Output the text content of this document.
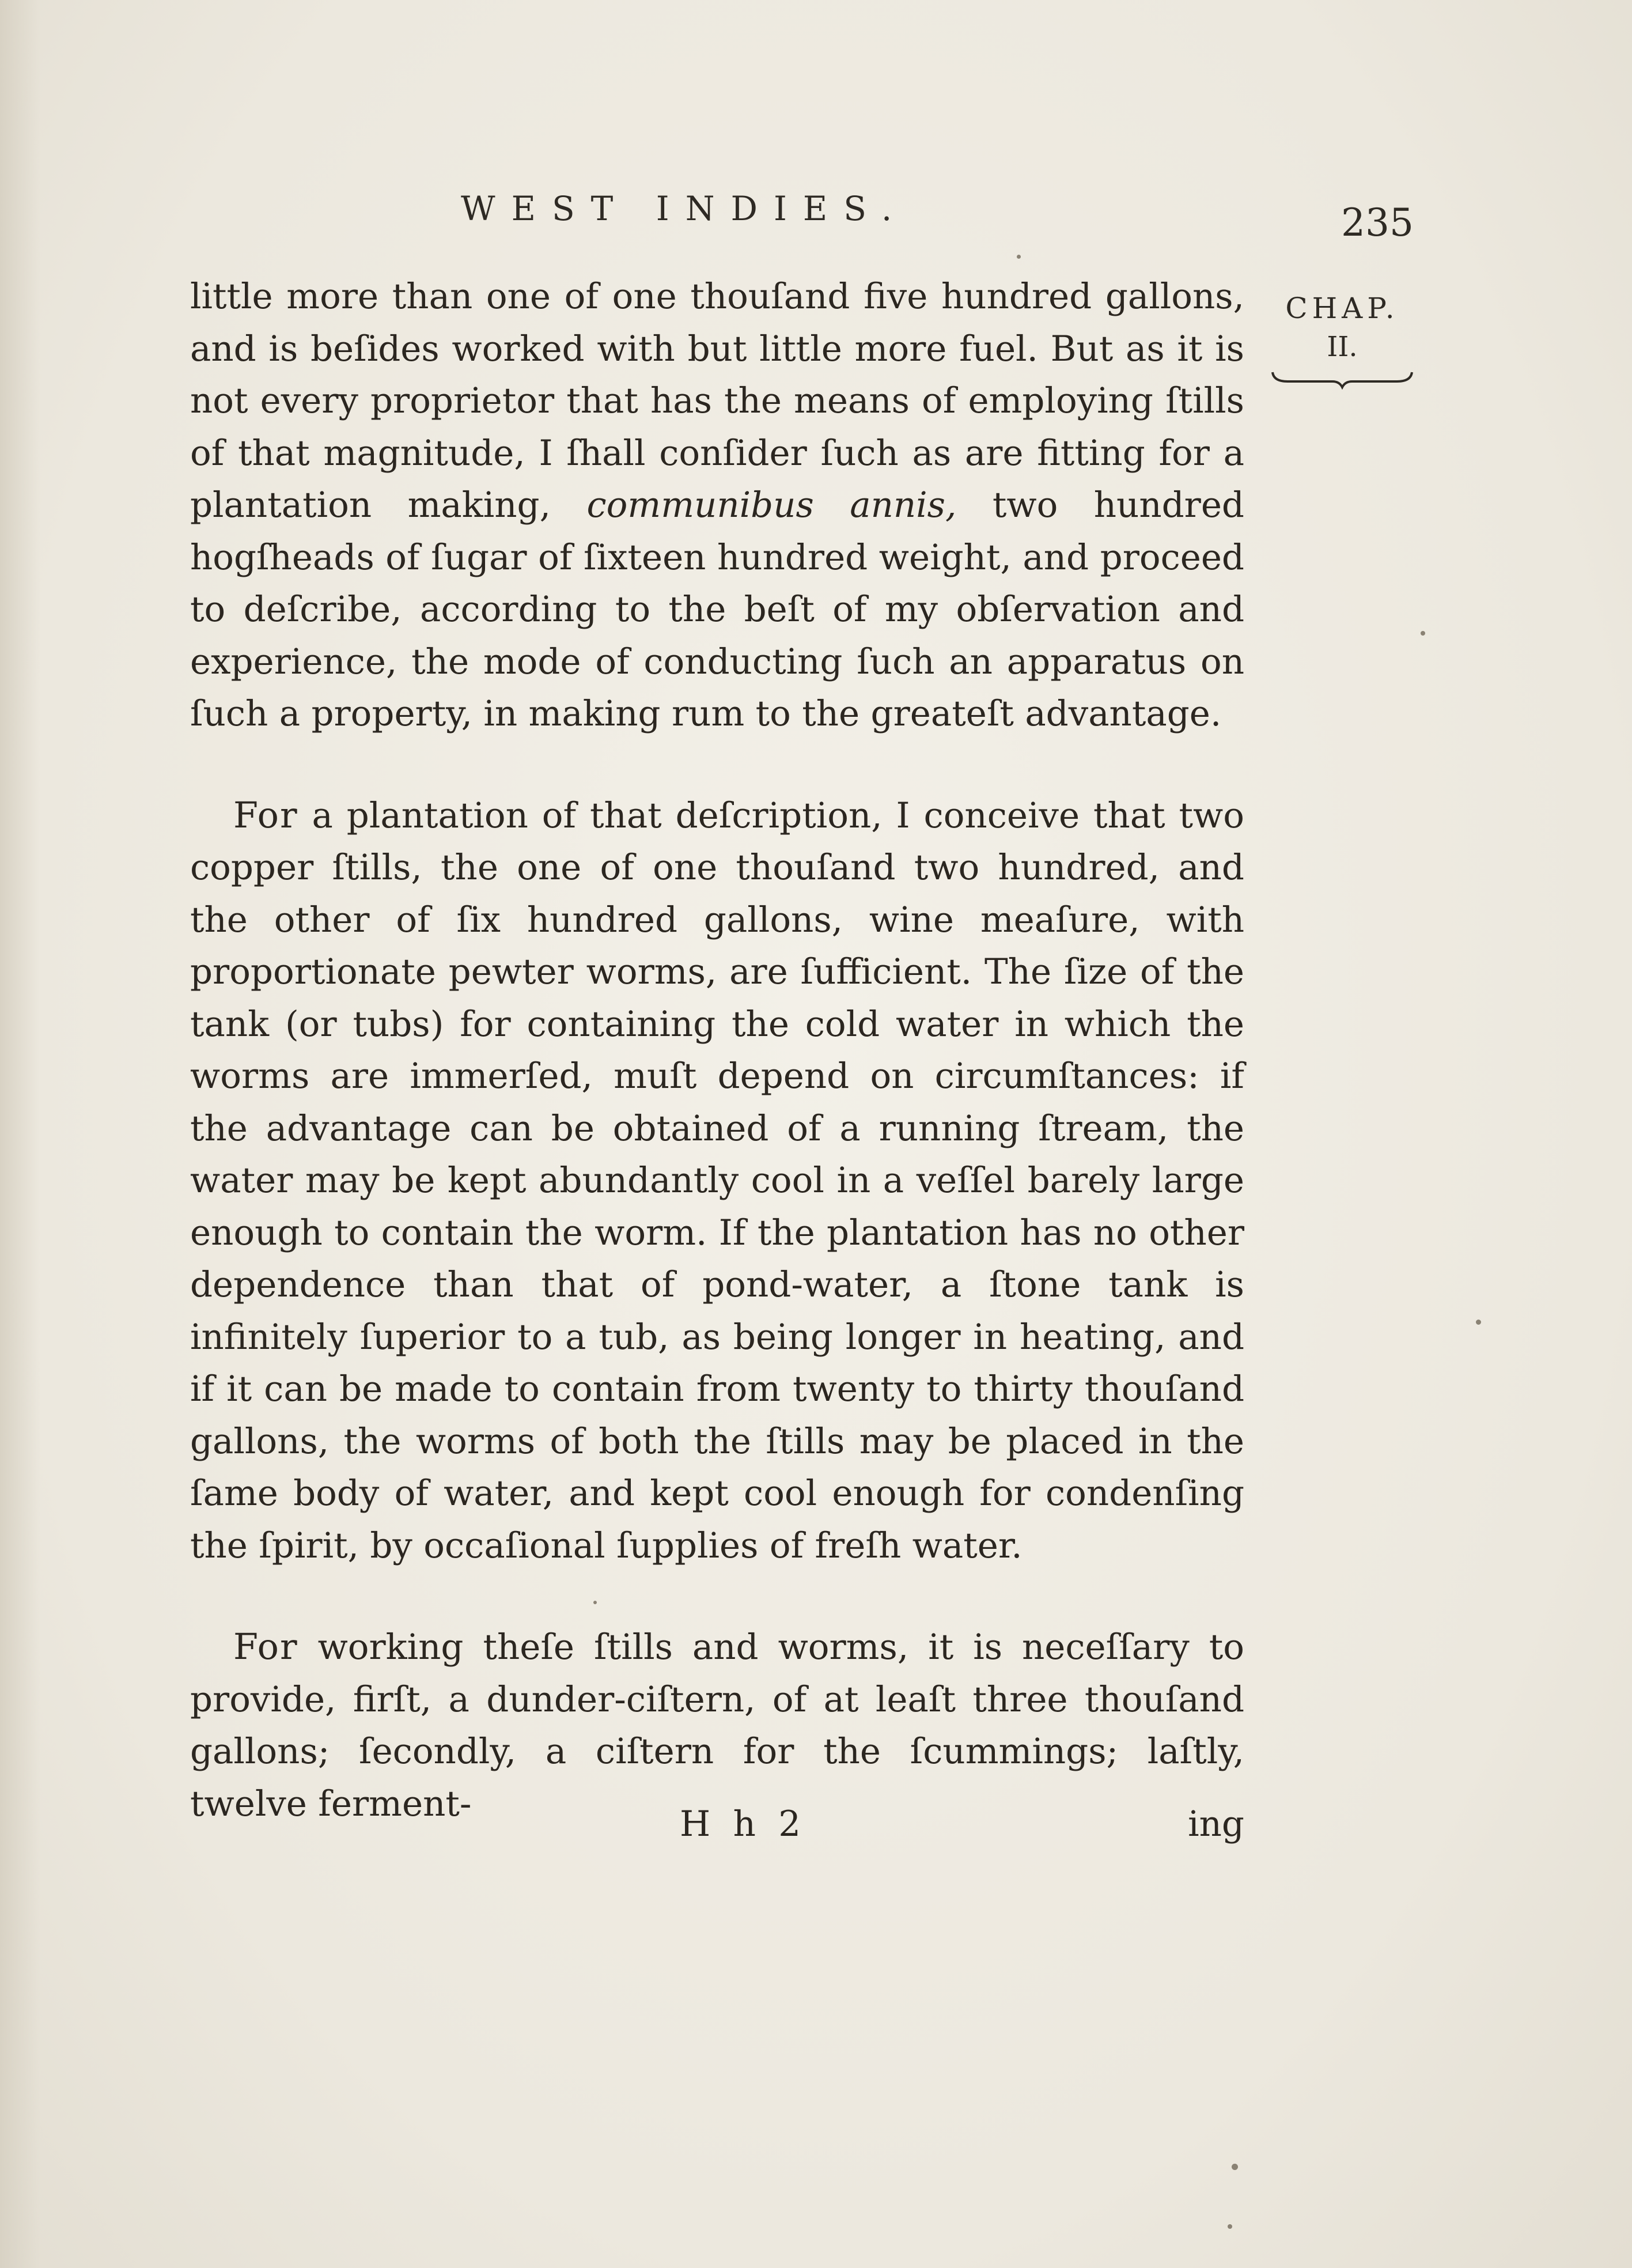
WEST INDIES.	235
CHAP.
II.

little more than one of one thouſand five hundred gallons, and is beſides worked with but little more fuel. But as it is not every proprietor that has the means of employing ſtills of that magnitude, I ſhall conſider ſuch as are fitting for a plantation making, communibus annis, two hundred hogſheads of ſugar of ſixteen hundred weight, and proceed to deſcribe, according to the beſt of my obſervation and experience, the mode of conducting ſuch an apparatus on ſuch a property, in making rum to the greateſt advantage.

For a plantation of that deſcription, I conceive that two copper ſtills, the one of one thouſand two hundred, and the other of ſix hundred gallons, wine meaſure, with proportionate pewter worms, are ſufficient. The ſize of the tank (or tubs) for containing the cold water in which the worms are immerſed, muſt depend on circumſtances: if the advantage can be obtained of a running ſtream, the water may be kept abundantly cool in a veſſel barely large enough to contain the worm. If the plantation has no other dependence than that of pond-water, a ſtone tank is infinitely ſuperior to a tub, as being longer in heating, and if it can be made to contain from twenty to thirty thouſand gallons, the worms of both the ſtills may be placed in the ſame body of water, and kept cool enough for condenſing the ſpirit, by occaſional ſupplies of freſh water.

For working theſe ſtills and worms, it is neceſſary to provide, firſt, a dunder-ciſtern, of at leaſt three thouſand gallons; ſecondly, a ciſtern for the ſcummings; laſtly, twelve ferment-	H h 2	ing
